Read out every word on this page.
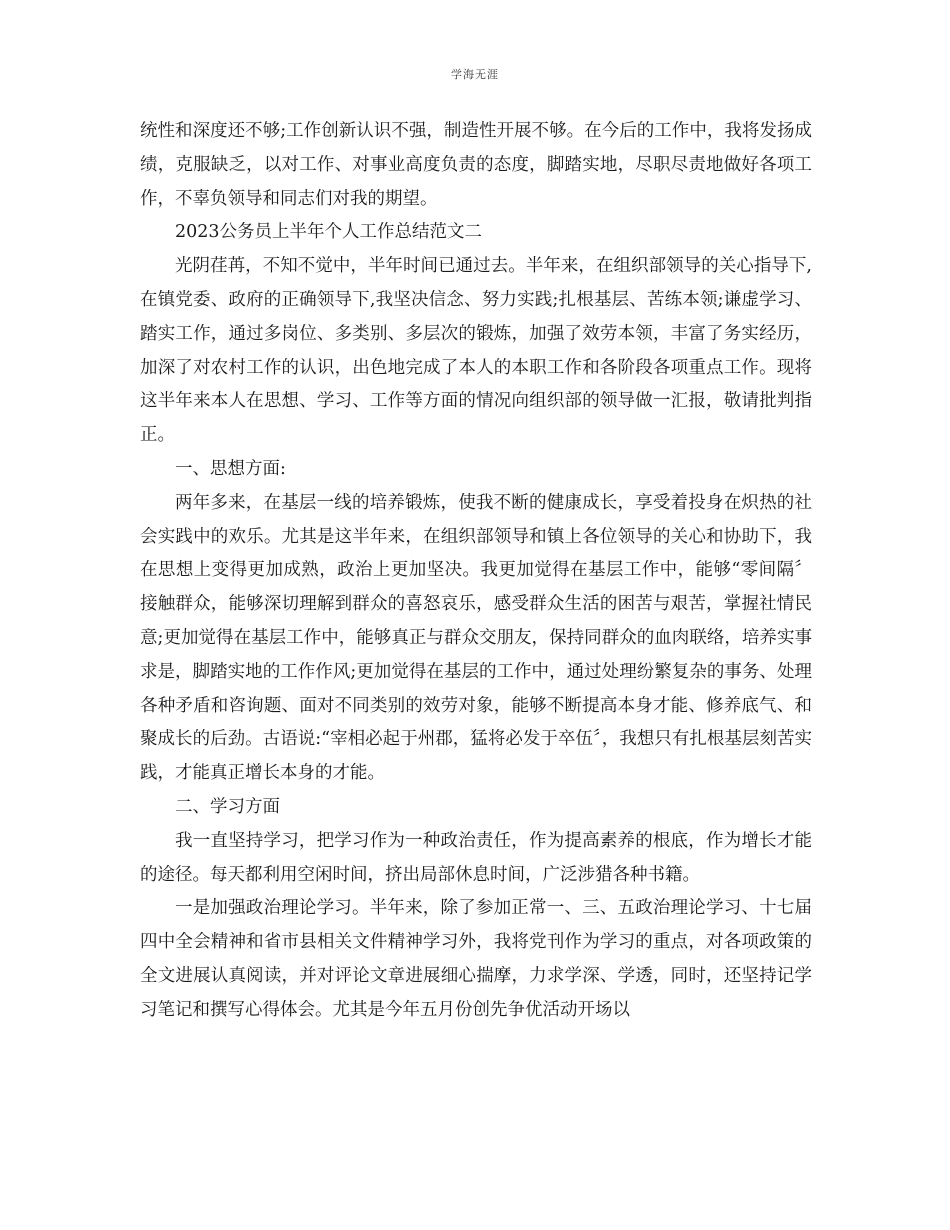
学海无涯

统性和深度还不够;工作创新认识不强，制造性开展不够。在今后的工作中，我将发扬成绩，克服缺乏，以对工作、对事业高度负责的态度，脚踏实地，尽职尽责地做好各项工作，不辜负领导和同志们对我的期望。

2023公务员上半年个人工作总结范文二

光阴荏苒，不知不觉中，半年时间已通过去。半年来，在组织部领导的关心指导下,在镇党委、政府的正确领导下,我坚决信念、努力实践;扎根基层、苦练本领;谦虚学习、踏实工作，通过多岗位、多类别、多层次的锻炼，加强了效劳本领，丰富了务实经历，加深了对农村工作的认识，出色地完成了本人的本职工作和各阶段各项重点工作。现将这半年来本人在思想、学习、工作等方面的情况向组织部的领导做一汇报，敬请批判指正。

一、思想方面:

两年多来，在基层一线的培养锻炼，使我不断的健康成长，享受着投身在炽热的社会实践中的欢乐。尤其是这半年来，在组织部领导和镇上各位领导的关心和协助下，我在思想上变得更加成熟，政治上更加坚决。我更加觉得在基层工作中，能够“零间隔〞接触群众，能够深切理解到群众的喜怒哀乐，感受群众生活的困苦与艰苦，掌握社情民意;更加觉得在基层工作中，能够真正与群众交朋友，保持同群众的血肉联络，培养实事求是，脚踏实地的工作作风;更加觉得在基层的工作中，通过处理纷繁复杂的事务、处理各种矛盾和咨询题、面对不同类别的效劳对象，能够不断提高本身才能、修养底气、和聚成长的后劲。古语说:“宰相必起于州郡，猛将必发于卒伍〞，我想只有扎根基层刻苦实践，才能真正增长本身的才能。

二、学习方面

我一直坚持学习，把学习作为一种政治责任，作为提高素养的根底，作为增长才能的途径。每天都利用空闲时间，挤出局部休息时间，广泛涉猎各种书籍。

一是加强政治理论学习。半年来，除了参加正常一、三、五政治理论学习、十七届四中全会精神和省市县相关文件精神学习外，我将党刊作为学习的重点，对各项政策的全文进展认真阅读，并对评论文章进展细心揣摩，力求学深、学透，同时，还坚持记学习笔记和撰写心得体会。尤其是今年五月份创先争优活动开场以
